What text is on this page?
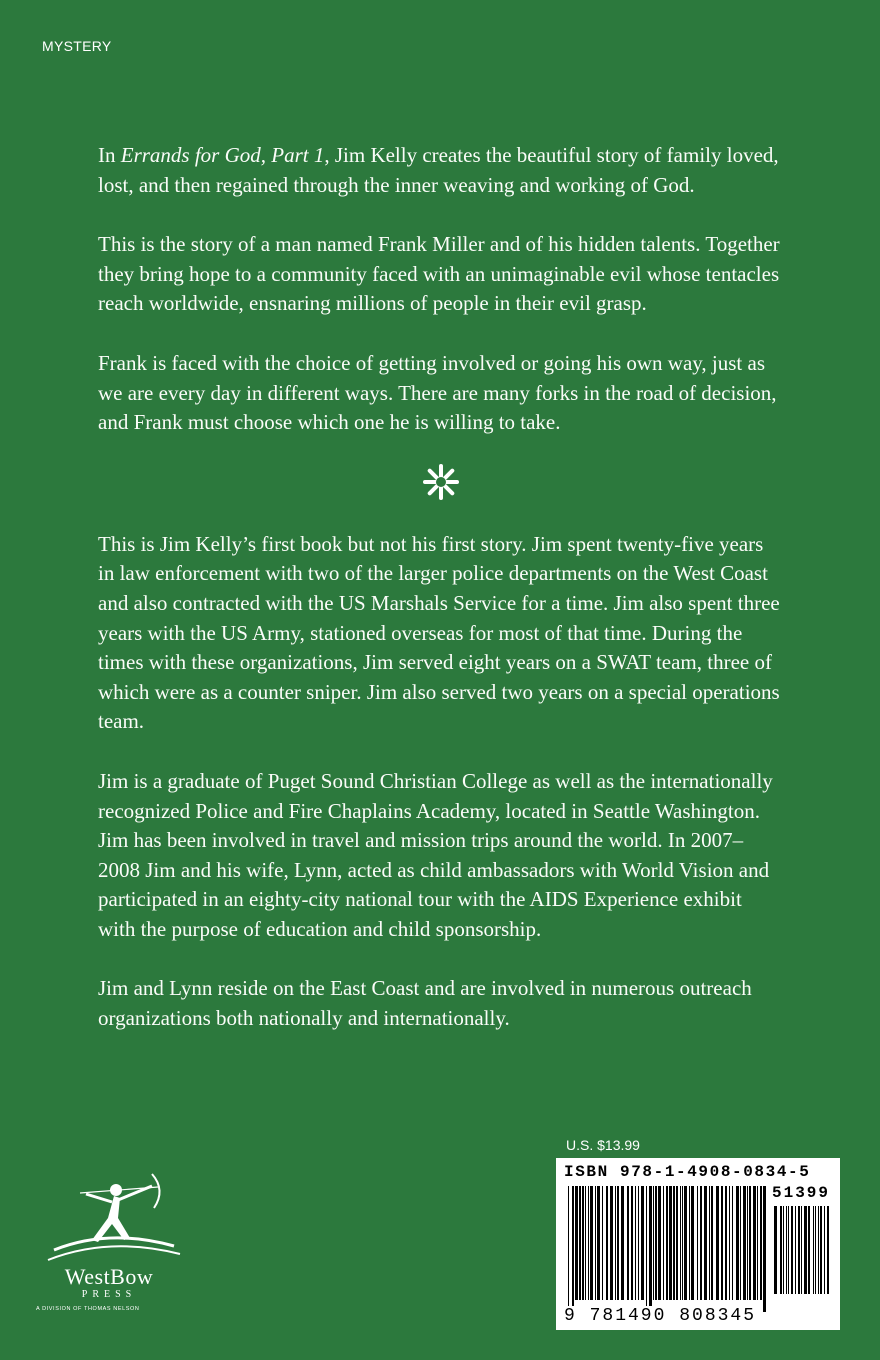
MYSTERY

In Errands for God, Part 1, Jim Kelly creates the beautiful story of family loved, lost, and then regained through the inner weaving and working of God.

This is the story of a man named Frank Miller and of his hidden talents. Together they bring hope to a community faced with an unimaginable evil whose tentacles reach worldwide, ensnaring millions of people in their evil grasp.

Frank is faced with the choice of getting involved or going his own way, just as we are every day in different ways. There are many forks in the road of decision, and Frank must choose which one he is willing to take.

This is Jim Kelly’s first book but not his first story. Jim spent twenty-five years in law enforcement with two of the larger police departments on the West Coast and also contracted with the US Marshals Service for a time. Jim also spent three years with the US Army, stationed overseas for most of that time. During the times with these organizations, Jim served eight years on a SWAT team, three of which were as a counter sniper. Jim also served two years on a special operations team.

Jim is a graduate of Puget Sound Christian College as well as the internationally recognized Police and Fire Chaplains Academy, located in Seattle Washington. Jim has been involved in travel and mission trips around the world. In 2007–2008 Jim and his wife, Lynn, acted as child ambassadors with World Vision and participated in an eighty-city national tour with the AIDS Experience exhibit with the purpose of education and child sponsorship.

Jim and Lynn reside on the East Coast and are involved in numerous outreach organizations both nationally and internationally.

U.S. $13.99
ISBN 978-1-4908-0834-5
51399
9 781490 808345
WestBow
PRESS
A DIVISION OF THOMAS NELSON
